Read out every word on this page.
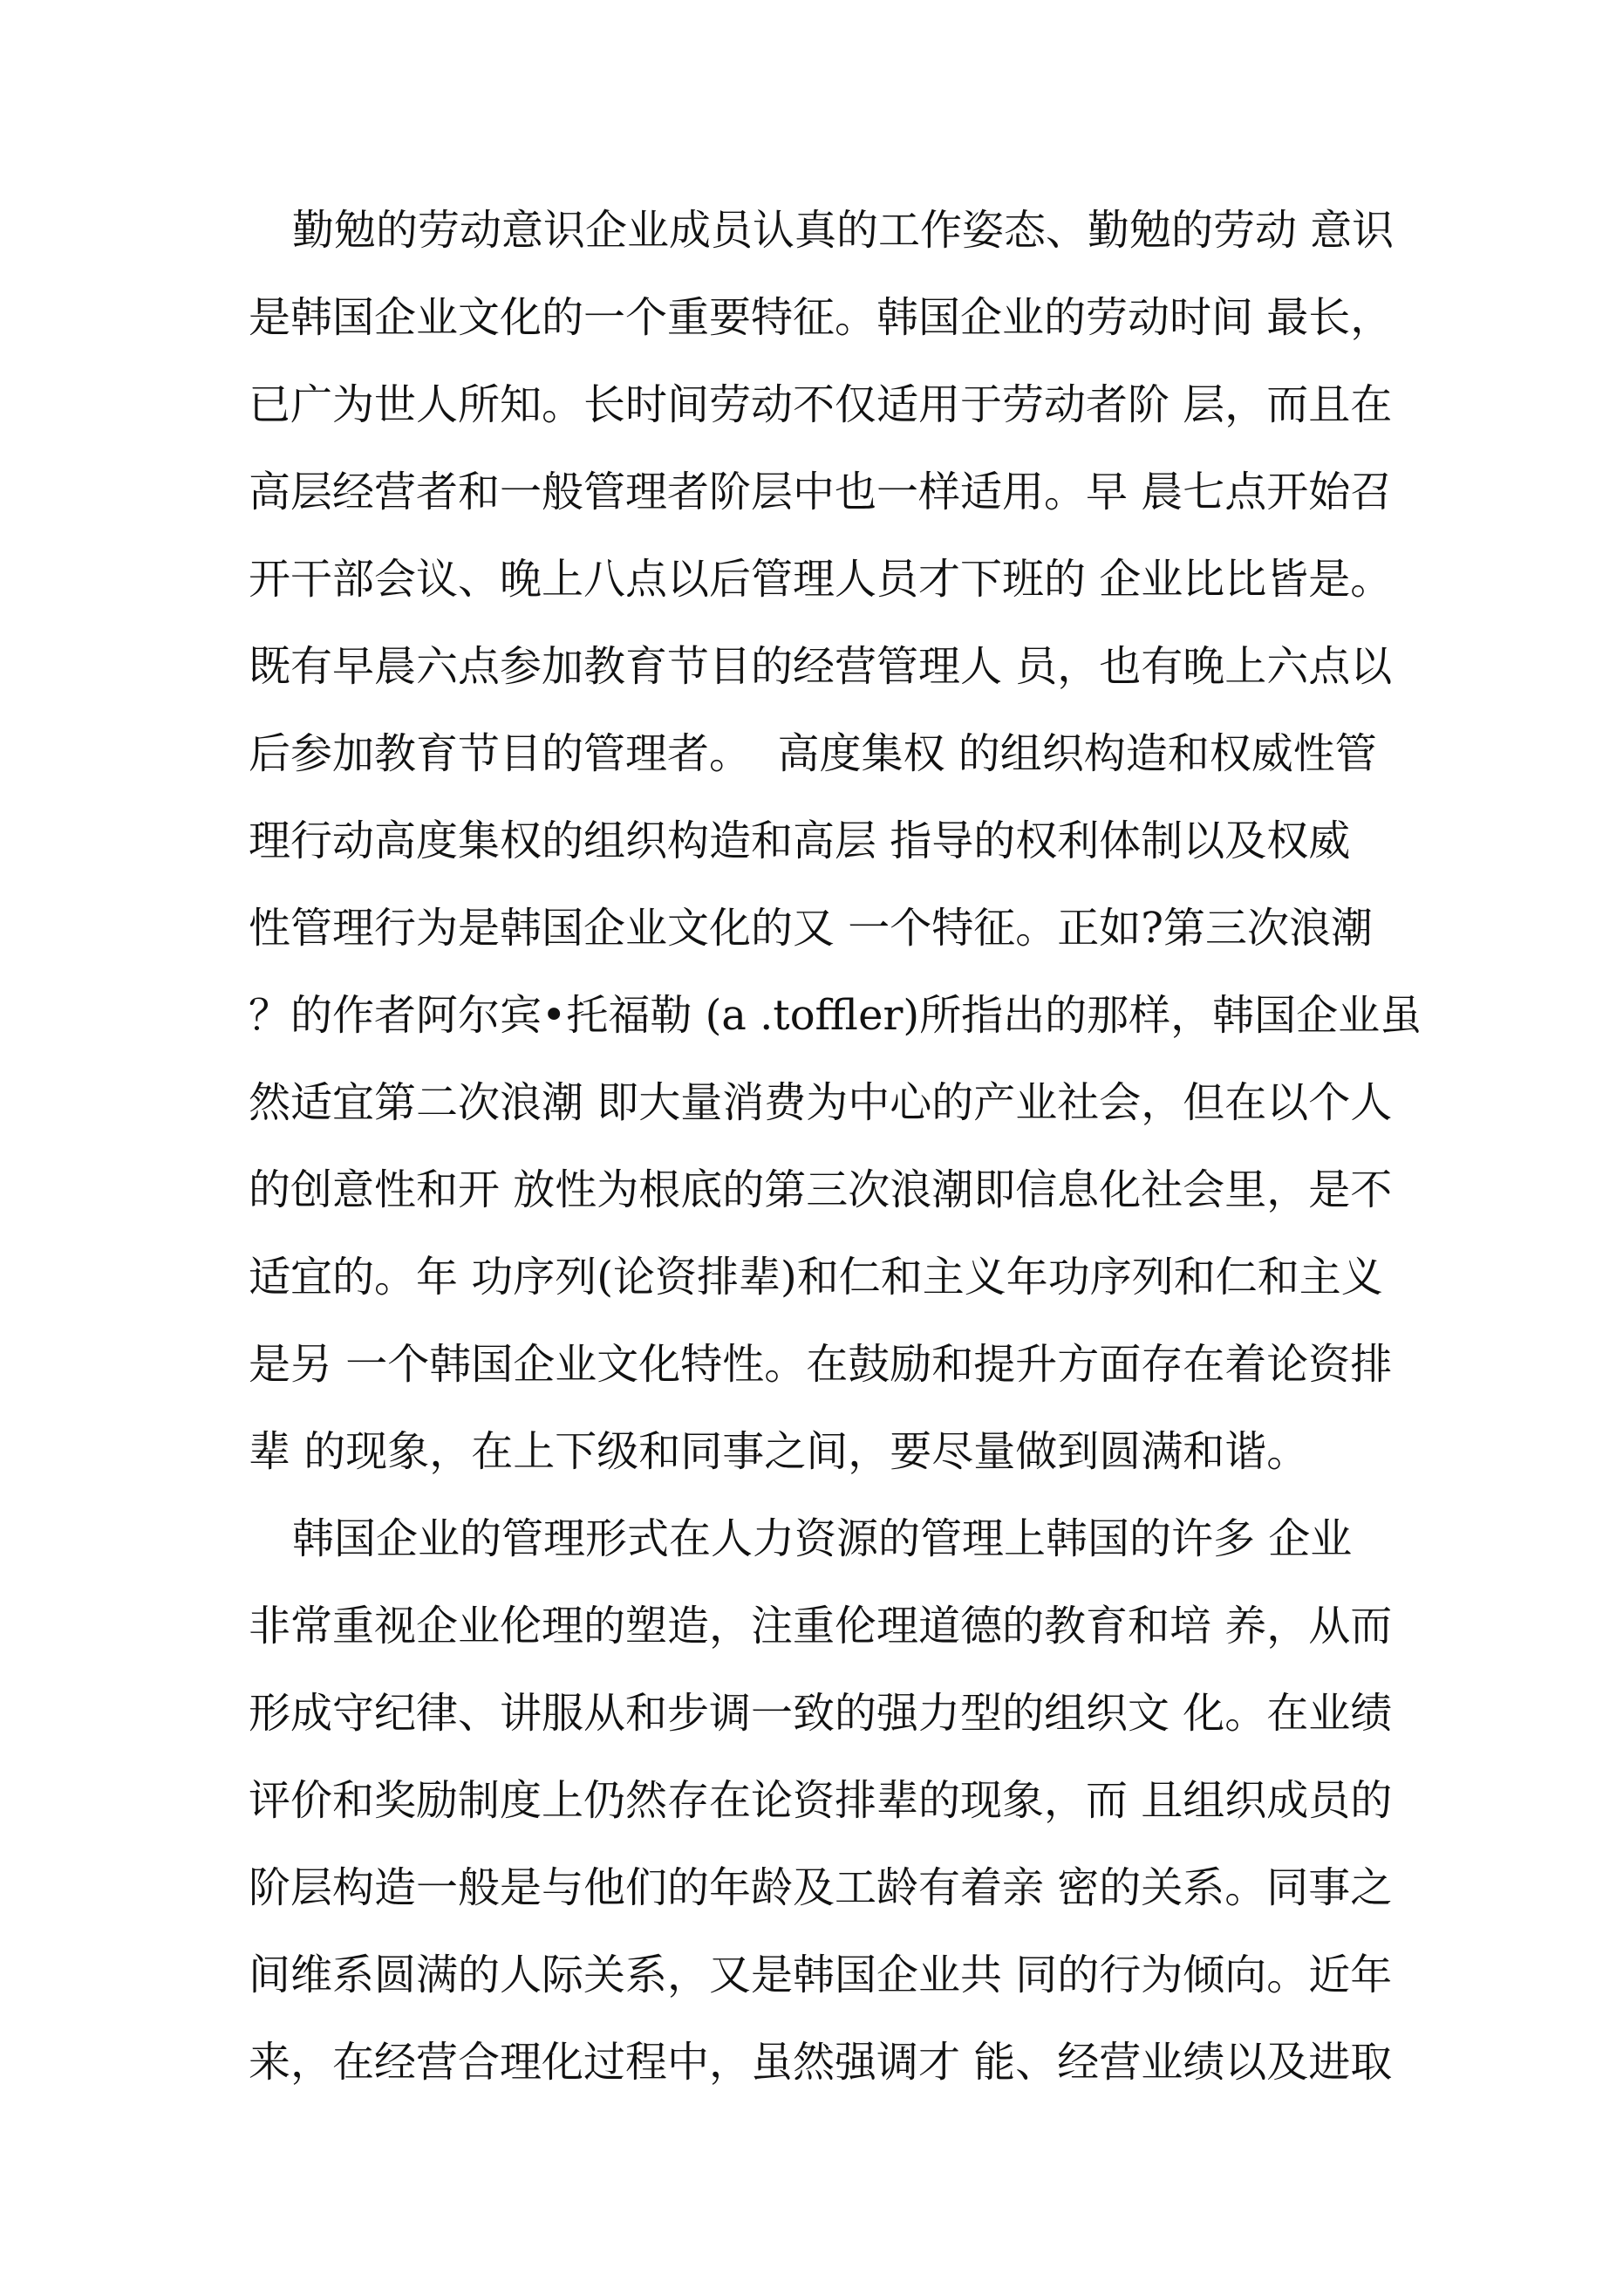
勤勉的劳动意识企业成员认真的工作姿态、勤勉的劳动 意识
是韩国企业文化的一个重要特征。韩国企业的劳动时间 最长，
已广为世人所知。长时间劳动不仅适用于劳动者阶 层，而且在
高层经营者和一般管理者阶层中也一样适用。早 晨七点开始召
开干部会议、晚上八点以后管理人员才下班的 企业比比皆是。
既有早晨六点参加教育节目的经营管理人 员，也有晚上六点以
后参加教育节目的管理者。  高度集权 的组织构造和权威性管
理行动高度集权的组织构造和高层 指导的权利体制以及权威
性管理行为是韩国企业文化的又 一个特征。正如?第三次浪潮
？的作者阿尔宾•托福勒 (a .toffler)所指出的那样，韩国企业虽
然适宜第二次浪潮 即大量消费为中心的产业社会，但在以个人
的创意性和开 放性为根底的第三次浪潮即信息化社会里，是不
适宜的。年 功序列(论资排辈)和仁和主义年功序列和仁和主义
是另 一个韩国企业文化特性。在鼓励和提升方面存在着论资排
辈 的现象，在上下级和同事之间，要尽量做到圆满和谐。
韩国企业的管理形式在人力资源的管理上韩国的许多 企业
非常重视企业伦理的塑造，注重伦理道德的教育和培 养，从而
形成守纪律、讲服从和步调一致的强力型的组织文 化。在业绩
评价和奖励制度上仍然存在论资排辈的现象，而 且组织成员的
阶层构造一般是与他们的年龄及工龄有着亲 密的关系。同事之
间维系圆满的人际关系，又是韩国企业共 同的行为倾向。近年
来，在经营合理化过程中，虽然强调才 能、经营业绩以及进取
